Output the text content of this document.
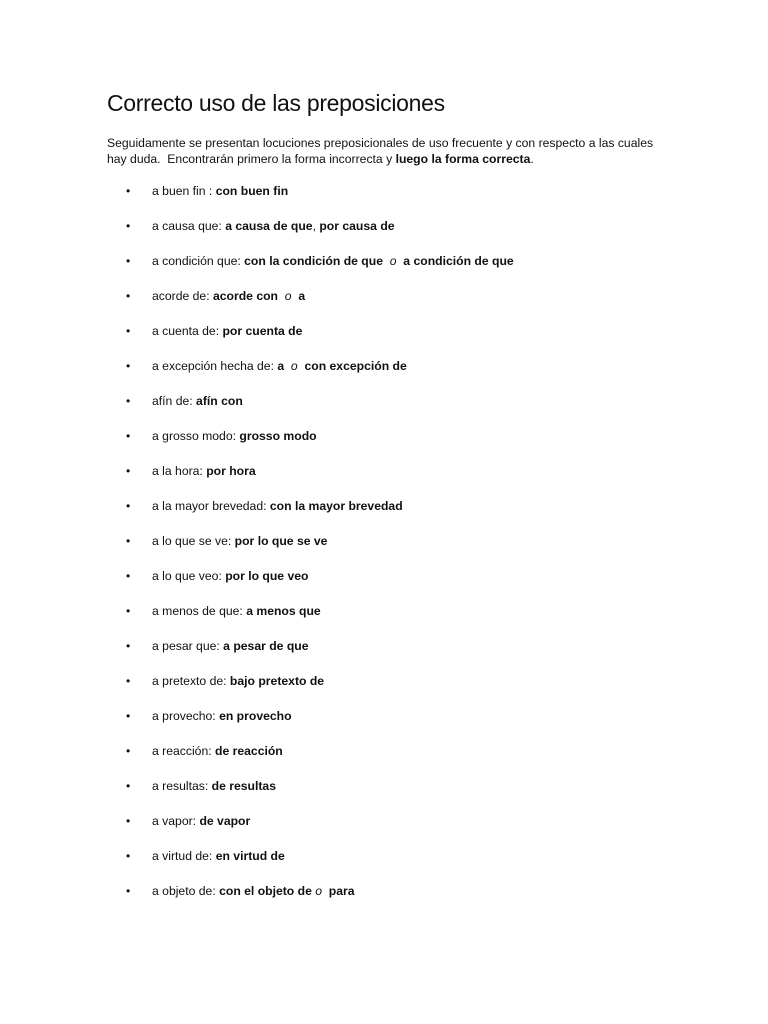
Correcto uso de las preposiciones

Seguidamente se presentan locuciones preposicionales de uso frecuente y con respecto a las cuales hay duda.  Encontrarán primero la forma incorrecta y luego la forma correcta.

• a buen fin : con buen fin
• a causa que: a causa de que, por causa de
• a condición que: con la condición de que  o  a condición de que
• acorde de: acorde con  o  a
• a cuenta de: por cuenta de
• a excepción hecha de: a  o  con excepción de
• afín de: afín con
• a grosso modo: grosso modo
• a la hora: por hora
• a la mayor brevedad: con la mayor brevedad
• a lo que se ve: por lo que se ve
• a lo que veo: por lo que veo
• a menos de que: a menos que
• a pesar que: a pesar de que
• a pretexto de: bajo pretexto de
• a provecho: en provecho
• a reacción: de reacción
• a resultas: de resultas
• a vapor: de vapor
• a virtud de: en virtud de
• a objeto de: con el objeto de o  para
